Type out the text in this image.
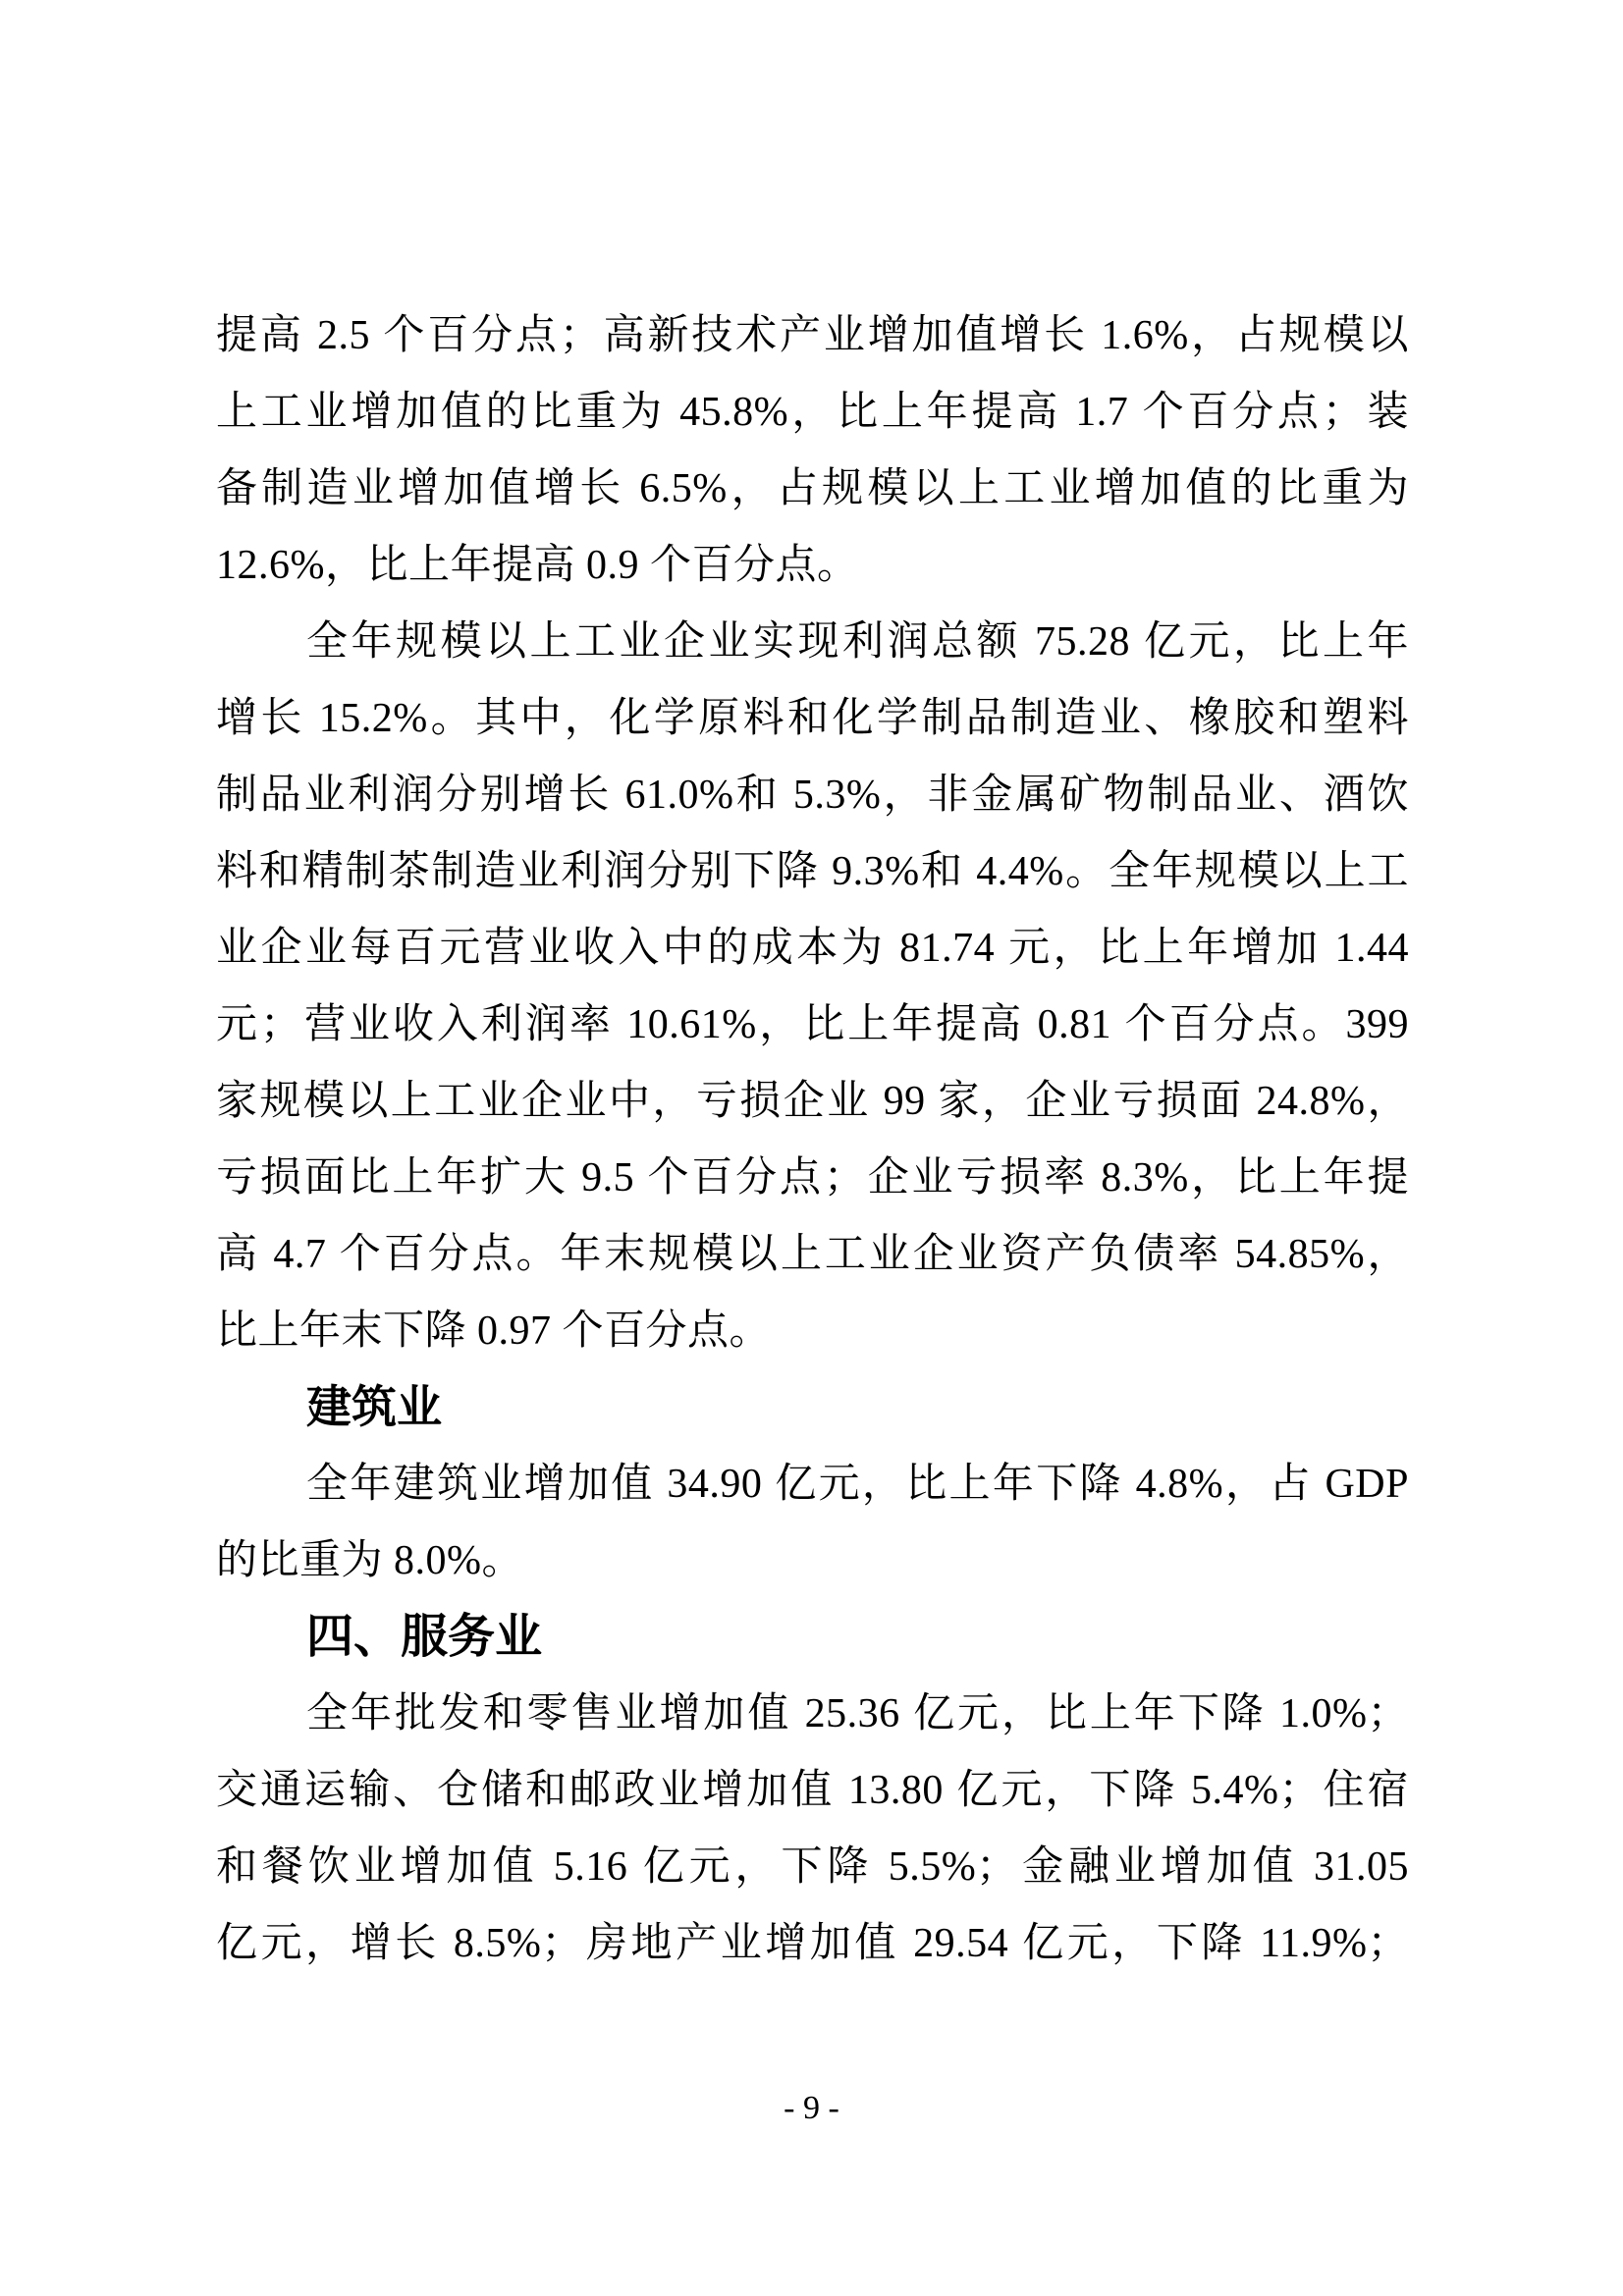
提高 2.5 个百分点；高新技术产业增加值增长 1.6%，占规模以
上工业增加值的比重为 45.8%，比上年提高 1.7 个百分点；装
备制造业增加值增长 6.5%，占规模以上工业增加值的比重为
12.6%，比上年提高 0.9 个百分点。
全年规模以上工业企业实现利润总额 75.28 亿元，比上年
增长 15.2%。其中，化学原料和化学制品制造业、橡胶和塑料
制品业利润分别增长 61.0%和 5.3%，非金属矿物制品业、酒饮
料和精制茶制造业利润分别下降 9.3%和 4.4%。全年规模以上工
业企业每百元营业收入中的成本为 81.74 元，比上年增加 1.44
元；营业收入利润率 10.61%，比上年提高 0.81 个百分点。399
家规模以上工业企业中，亏损企业 99 家，企业亏损面 24.8%，
亏损面比上年扩大 9.5 个百分点；企业亏损率 8.3%，比上年提
高 4.7 个百分点。年末规模以上工业企业资产负债率 54.85%，
比上年末下降 0.97 个百分点。
建筑业
全年建筑业增加值 34.90 亿元，比上年下降 4.8%，占 GDP
的比重为 8.0%。
四、服务业
全年批发和零售业增加值 25.36 亿元，比上年下降 1.0%；
交通运输、仓储和邮政业增加值 13.80 亿元，下降 5.4%；住宿
和餐饮业增加值 5.16 亿元，下降 5.5%；金融业增加值 31.05
亿元，增长 8.5%；房地产业增加值 29.54 亿元，下降 11.9%；
- 9 -
